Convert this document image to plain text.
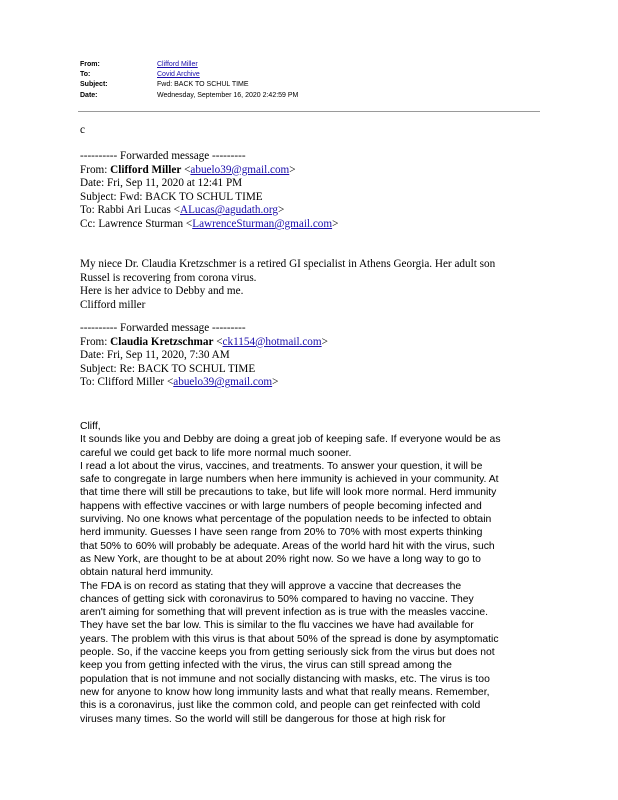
From:	Clifford Miller
To:	Covid Archive
Subject:	Fwd: BACK TO SCHUL TIME
Date:	Wednesday, September 16, 2020 2:42:59 PM
c
---------- Forwarded message ---------
From: Clifford Miller <abuelo39@gmail.com>
Date: Fri, Sep 11, 2020 at 12:41 PM
Subject: Fwd: BACK TO SCHUL TIME
To: Rabbi Ari Lucas <ALucas@agudath.org>
Cc: Lawrence Sturman <LawrenceSturman@gmail.com>
My niece Dr. Claudia Kretzschmer is a retired GI specialist in Athens Georgia. Her adult son
Russel is recovering from corona virus.
Here is her advice to Debby and me.
Clifford miller
---------- Forwarded message ---------
From: Claudia Kretzschmar <ck1154@hotmail.com>
Date: Fri, Sep 11, 2020, 7:30 AM
Subject: Re: BACK TO SCHUL TIME
To: Clifford Miller <abuelo39@gmail.com>
Cliff,
It sounds like you and Debby are doing a great job of keeping safe. If everyone would be as
careful we could get back to life more normal much sooner.
I read a lot about the virus, vaccines, and treatments. To answer your question, it will be
safe to congregate in large numbers when here immunity is achieved in your community. At
that time there will still be precautions to take, but life will look more normal. Herd immunity
happens with effective vaccines or with large numbers of people becoming infected and
surviving. No one knows what percentage of the population needs to be infected to obtain
herd immunity. Guesses I have seen range from 20% to 70% with most experts thinking
that 50% to 60% will probably be adequate. Areas of the world hard hit with the virus, such
as New York, are thought to be at about 20% right now. So we have a long way to go to
obtain natural herd immunity.
The FDA is on record as stating that they will approve a vaccine that decreases the
chances of getting sick with coronavirus to 50% compared to having no vaccine. They
aren't aiming for something that will prevent infection as is true with the measles vaccine.
They have set the bar low. This is similar to the flu vaccines we have had available for
years. The problem with this virus is that about 50% of the spread is done by asymptomatic
people. So, if the vaccine keeps you from getting seriously sick from the virus but does not
keep you from getting infected with the virus, the virus can still spread among the
population that is not immune and not socially distancing with masks, etc. The virus is too
new for anyone to know how long immunity lasts and what that really means. Remember,
this is a coronavirus, just like the common cold, and people can get reinfected with cold
viruses many times. So the world will still be dangerous for those at high risk for
